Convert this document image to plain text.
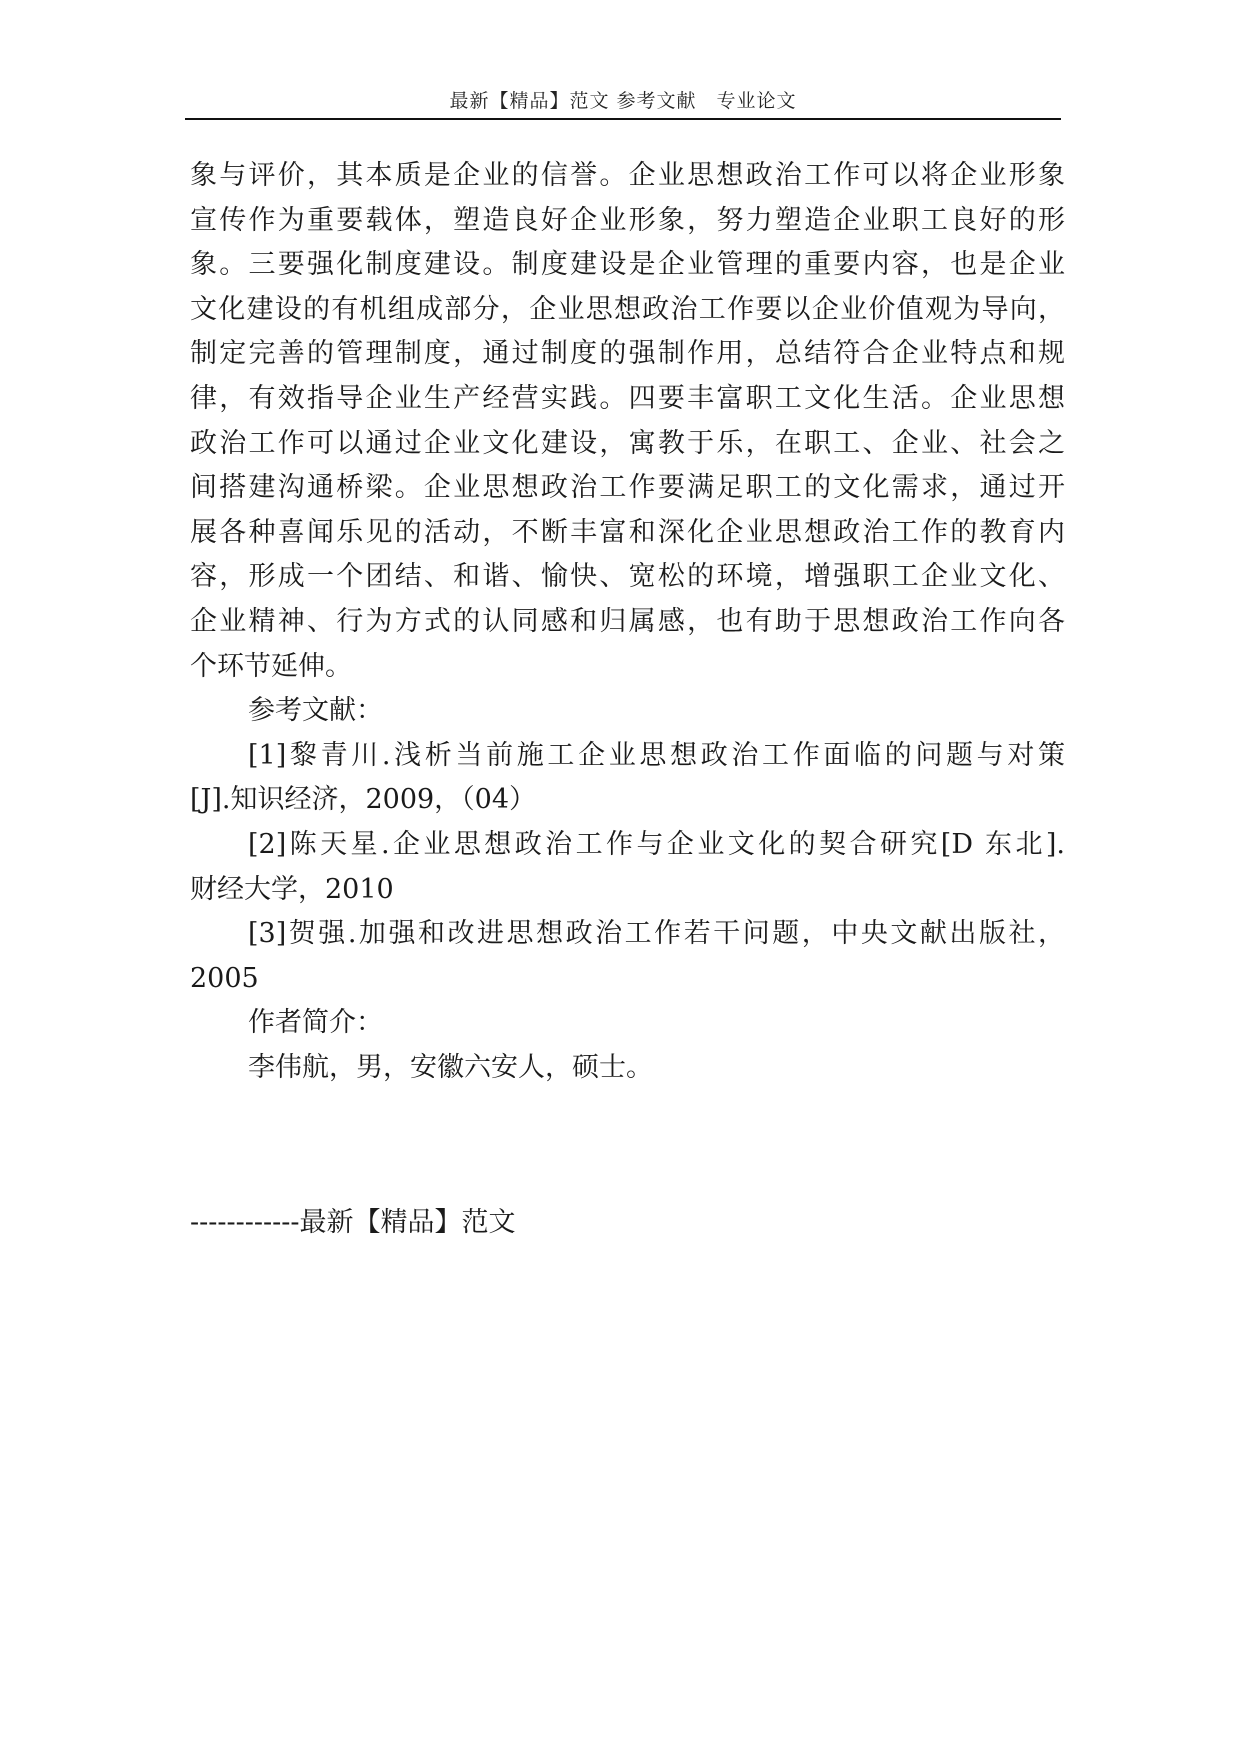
最新【精品】范文 参考文献　专业论文
象与评价，其本质是企业的信誉。企业思想政治工作可以将企业形象
宣传作为重要载体，塑造良好企业形象，努力塑造企业职工良好的形
象。三要强化制度建设。制度建设是企业管理的重要内容，也是企业
文化建设的有机组成部分，企业思想政治工作要以企业价值观为导向，
制定完善的管理制度，通过制度的强制作用，总结符合企业特点和规
律，有效指导企业生产经营实践。四要丰富职工文化生活。企业思想
政治工作可以通过企业文化建设，寓教于乐，在职工、企业、社会之
间搭建沟通桥梁。企业思想政治工作要满足职工的文化需求，通过开
展各种喜闻乐见的活动，不断丰富和深化企业思想政治工作的教育内
容，形成一个团结、和谐、愉快、宽松的环境，增强职工企业文化、
企业精神、行为方式的认同感和归属感，也有助于思想政治工作向各
个环节延伸。
参考文献：
[1]黎青川.浅析当前施工企业思想政治工作面临的问题与对策
[J].知识经济，2009，（04）
[2]陈天星.企业思想政治工作与企业文化的契合研究[D 东北].
财经大学，2010
[3]贺强.加强和改进思想政治工作若干问题，中央文献出版社，
2005
作者简介：
李伟航，男，安徽六安人，硕士。
------------最新【精品】范文
